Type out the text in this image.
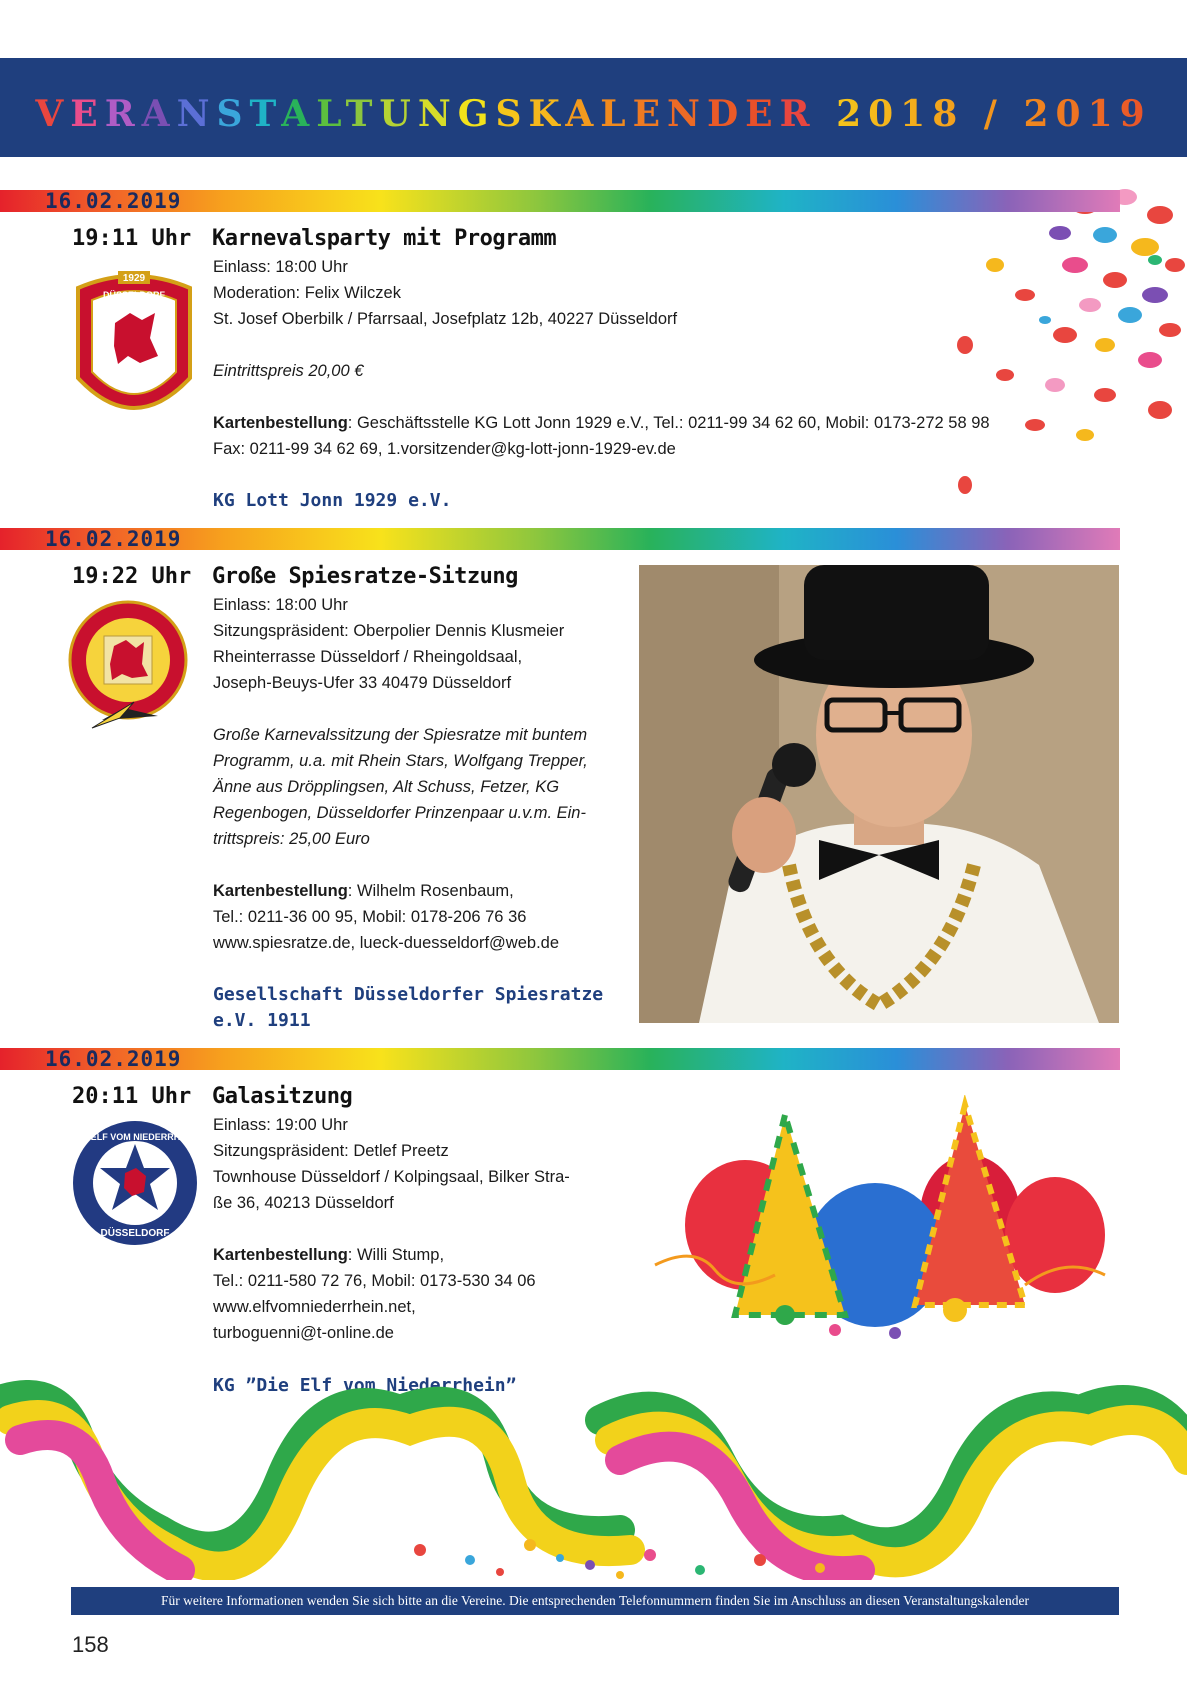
VERANSTALTUNGSKALENDER 2018 / 2019
16.02.2019
19:11 Uhr Karnevalsparty mit Programm
1929
DÜSSELDORF
Einlass: 18:00 Uhr
Moderation: Felix Wilczek
St. Josef Oberbilk / Pfarrsaal, Josefplatz 12b, 40227 Düsseldorf
Eintrittspreis 20,00 €
Kartenbestellung: Geschäftsstelle KG Lott Jonn 1929 e.V., Tel.: 0211-99 34 62 60, Mobil: 0173-272 58 98
Fax: 0211-99 34 62 69, 1.vorsitzender@kg-lott-jonn-1929-ev.de
KG Lott Jonn 1929 e.V.
16.02.2019
19:22 Uhr Große Spiesratze-Sitzung
Einlass: 18:00 Uhr
Sitzungspräsident: Oberpolier Dennis Klusmeier
Rheinterrasse Düsseldorf / Rheingoldsaal,
Joseph-Beuys-Ufer 33 40479 Düsseldorf
Große Karnevalssitzung der Spiesratze mit buntem
Programm, u.a. mit Rhein Stars, Wolfgang Trepper,
Änne aus Dröpplingsen, Alt Schuss, Fetzer, KG
Regenbogen, Düsseldorfer Prinzenpaar u.v.m. Ein-
trittspreis: 25,00 Euro
Kartenbestellung: Wilhelm Rosenbaum,
Tel.: 0211-36 00 95, Mobil: 0178-206 76 36
www.spiesratze.de, lueck-duesseldorf@web.de
Gesellschaft Düsseldorfer Spiesratze
e.V. 1911
16.02.2019
20:11 Uhr Galasitzung
KG ELF VOM NIEDERRHEIN
DÜSSELDORF
Einlass: 19:00 Uhr
Sitzungspräsident: Detlef Preetz
Townhouse Düsseldorf / Kolpingsaal, Bilker Stra-
ße 36, 40213 Düsseldorf
Kartenbestellung: Willi Stump,
Tel.: 0211-580 72 76, Mobil: 0173-530 34 06
www.elfvomniederrhein.net,
turboguenni@t-online.de
KG ”Die Elf vom Niederrhein”
Für weitere Informationen wenden Sie sich bitte an die Vereine. Die entsprechenden Telefonnummern finden Sie im Anschluss an diesen Veranstaltungskalender
158
